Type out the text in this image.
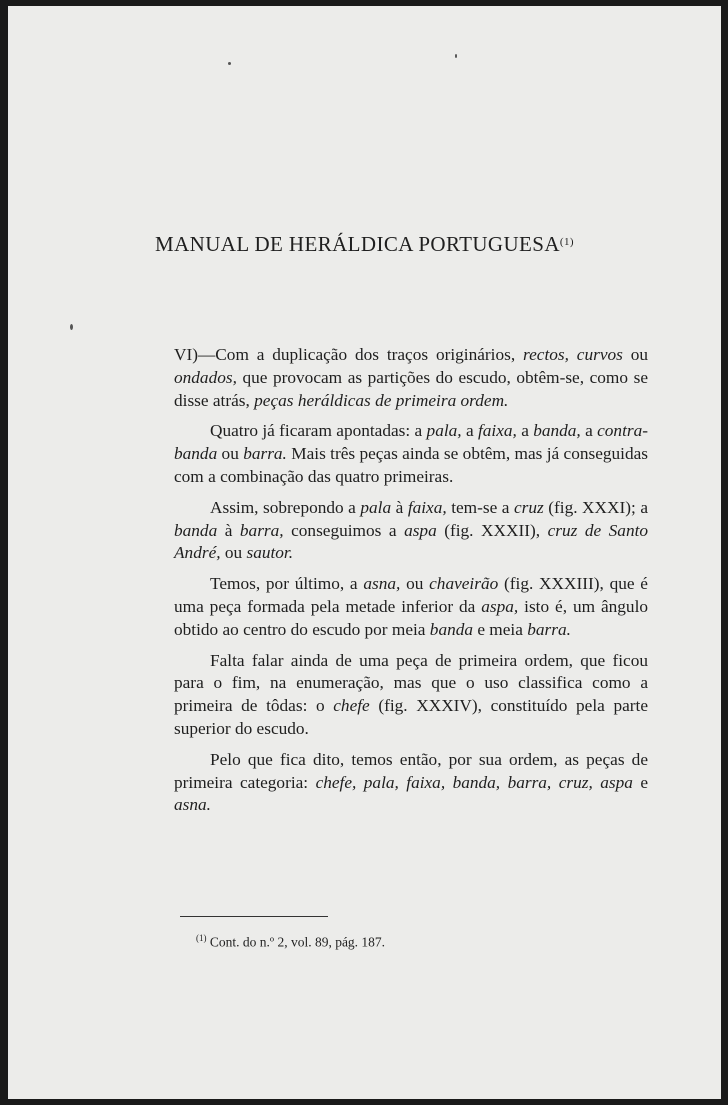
MANUAL DE HERÁLDICA PORTUGUESA$^{(1)}$

VI)—Com a duplicação dos traços originários, rectos, curvos ou ondados, que provocam as partições do escudo, obtêm-se, como se disse atrás, peças heráldicas de primeira ordem.

Quatro já ficaram apontadas: a pala, a faixa, a banda, a contra-banda ou barra. Mais três peças ainda se obtêm, mas já conseguidas com a combinação das quatro primeiras.

Assim, sobrepondo a pala à faixa, tem-se a cruz (fig. XXXI); a banda à barra, conseguimos a aspa (fig. XXXII), cruz de Santo André, ou sautor.

Temos, por último, a asna, ou chaveirão (fig. XXXIII), que é uma peça formada pela metade inferior da aspa, isto é, um ângulo obtido ao centro do escudo por meia banda e meia barra.

Falta falar ainda de uma peça de primeira ordem, que ficou para o fim, na enumeração, mas que o uso classifica como a primeira de tôdas: o chefe (fig. XXXIV), constituído pela parte superior do escudo.

Pelo que fica dito, temos então, por sua ordem, as peças de primeira categoria: chefe, pala, faixa, banda, barra, cruz, aspa e asna.

$^{(1)}$ Cont. do n.º 2, vol. 89, pág. 187.
